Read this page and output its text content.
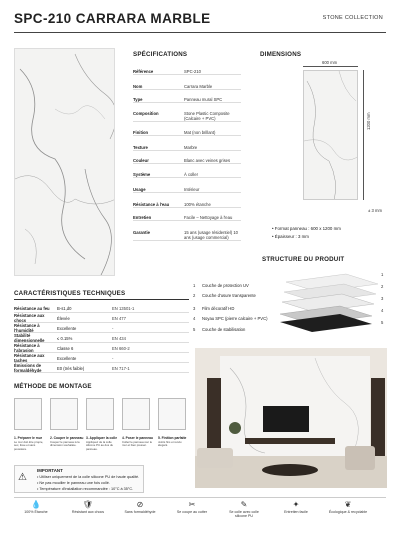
SPC-210 CARRARA MARBLE	STONE COLLECTION
SPÉCIFICATIONS
Référence	SPC-210
Nom	Carrara Marble
Type	Panneau mural SPC
Composition	Stone Plastic Composite (Calcaire + PVC)
Finition	Mat (non brillant)
Texture	Marbre
Couleur	Blanc avec veines grises
Système	À coller
Usage	Intérieur
Résistance à l'eau	100% étanche
Entretien	Facile – Nettoyage à l'eau
Garantie	15 ans (usage résidentiel) 10 ans (usage commercial)
DIMENSIONS
600 mm
1200 mm
± 3 mm
• Format panneau : 600 x 1200 mm
• Épaisseur : 3 mm
STRUCTURE DU PRODUIT
1 Couche de protection UV
1
2 Couche d'usure transparente
2
3 Film décoratif HD
3
4 Noyau SPC (pierre calcaire + PVC)
4
5 Couche de stabilisation
5
CARACTÉRISTIQUES TECHNIQUES
Résistance au feu	B-s1,d0	EN 13501-1
Résistance aux chocs	Élevée	EN 477
Résistance à l'humidité	Excellente	-
Stabilité dimensionnelle	≤ 0.15%	EN 434
Résistance à l'abrasion	Classe 6	EN 660-2
Résistance aux taches	Excellente	-
Émissions de formaldéhyde	E0 (très faible)	EN 717-1
MÉTHODE DE MONTAGE
1. Préparer le mur
Le mur doit être propre, sec, lisse et sans poussière.
2. Couper le panneau
Coupez le panneau à la dimension souhaitée.
3. Appliquer la colle
Appliquez de la colle silicone PU au dos du panneau.
4. Poser le panneau
Collez le panneau sur le mur et bien presser.
5. Finition parfaite
Joints fins et rendu élégant.
⚠
IMPORTANT
• Utiliser uniquement de la colle silicone PU de haute qualité.
• Ne pas mouiller le panneau une fois collé.
• Température d'installation recommandée : 10°C à 35°C.
💧
100% Étanche
🛡
Résistant aux chocs
⊘
Sans formaldéhyde
✂
Se coupe au cutter
✎
Se colle avec colle silicone PU
✦
Entretien facile
❦
Écologique & recyclable
